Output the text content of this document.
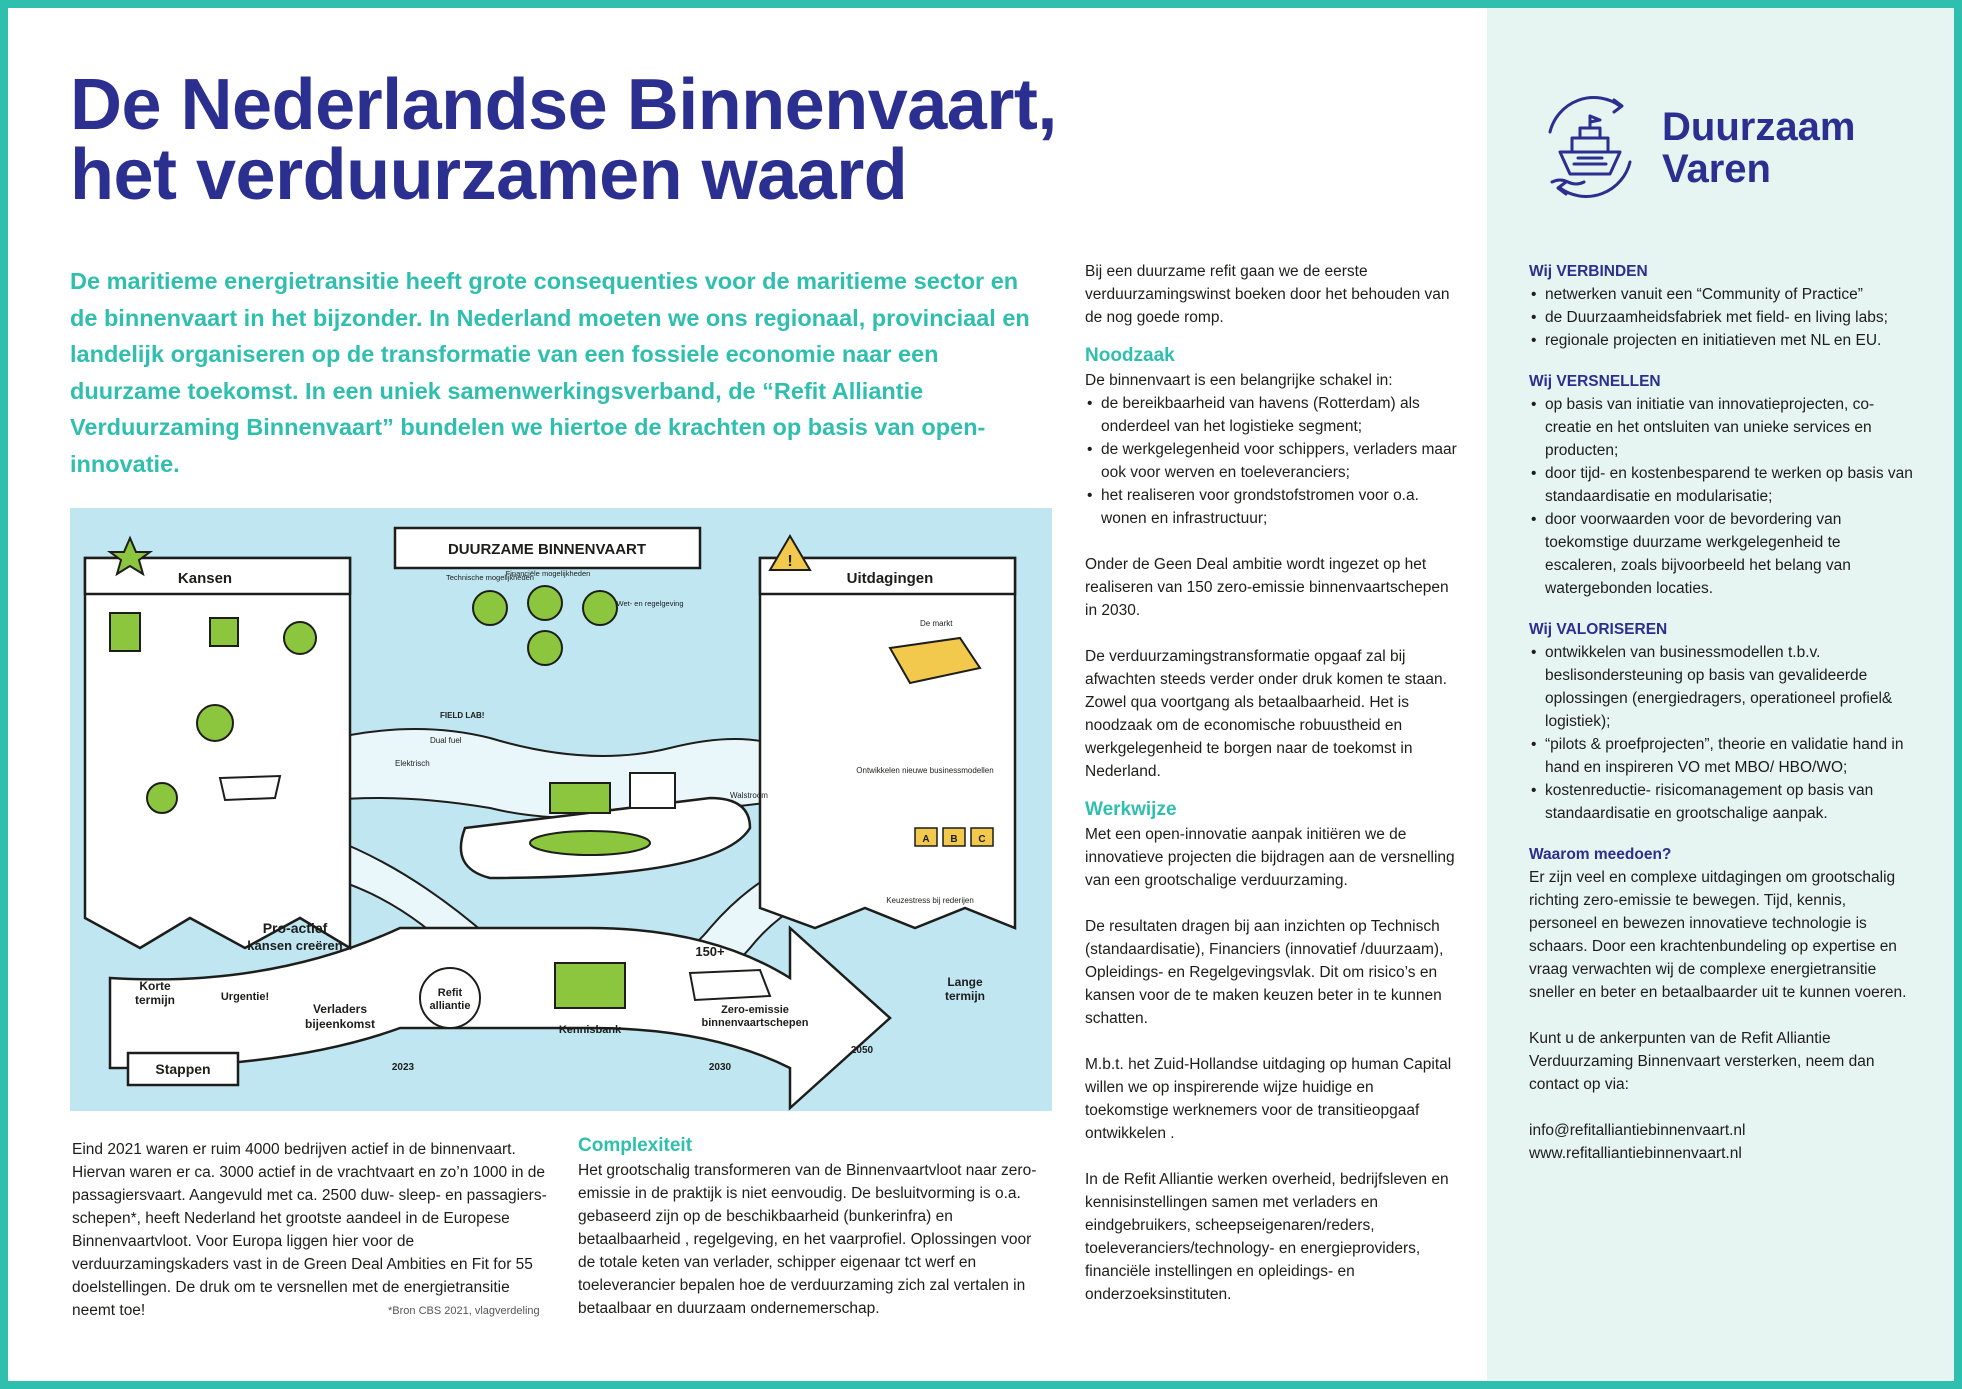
De Nederlandse Binnenvaart,
het verduurzamen waard
Duurzaam
Varen

De maritieme energietransitie heeft grote consequenties voor de maritieme sector en de binnenvaart in het bijzonder. In Nederland moeten we ons regionaal, provinciaal en landelijk organiseren op de transformatie van een fossiele economie naar een duurzame toekomst. In een uniek samenwerkingsverband, de “Refit Alliantie Verduurzaming Binnenvaart” bundelen we hiertoe de krachten op basis van open-innovatie.

Kansen	Uitdagingen
!
DUURZAME BINNENVAART
Technische mogelijkheden
Financiële mogelijkheden
Wet- en regelgeving
Walstroom
Elektrisch
Dual fuel
FIELD LAB!
De markt
A B C
Keuzestress bij rederijen
Ontwikkelen nieuwe businessmodellen
Pro-actief
kansen creëren
Verladers
bijeenkomst
Urgentie!	Refit
alliantie
Kennisbank
150+
Zero-emissie
binnenvaartschepen
Korte
termijn
Lange
termijn
Stappen	2023	2030
2050

Eind 2021 waren er ruim 4000 bedrijven actief in de binnenvaart. Hiervan waren er ca. 3000 actief in de vrachtvaart en zo’n 1000 in de passagiersvaart. Aangevuld met ca. 2500 duw- sleep- en passagiers-schepen*, heeft Nederland het grootste aandeel in de Europese Binnenvaartvloot. Voor Europa liggen hier voor de verduurzamingskaders vast in de Green Deal Ambities en Fit for 55 doelstellingen. De druk om te versnellen met de energietransitie neemt toe!	*Bron CBS 2021, vlagverdeling
Complexiteit

Het grootschalig transformeren van de Binnenvaartvloot naar zero-emissie in de praktijk is niet eenvoudig. De besluitvorming is o.a. gebaseerd zijn op de beschikbaarheid (bunkerinfra) en betaalbaarheid , regelgeving, en het vaarprofiel. Oplossingen voor de totale keten van verlader, schipper eigenaar tct werf en toeleverancier bepalen hoe de verduurzaming zich zal vertalen in betaalbaar en duurzaam ondernemerschap.

Bij een duurzame refit gaan we de eerste verduurzamingswinst boeken door het behouden van de nog goede romp.

Noodzaak

De binnenvaart is een belangrijke schakel in:

• de bereikbaarheid van havens (Rotterdam) als onderdeel van het logistieke segment;
• de werkgelegenheid voor schippers, verladers maar ook voor werven en toeleveranciers;
• het realiseren voor grondstofstromen voor o.a. wonen en infrastructuur;

Onder de Geen Deal ambitie wordt ingezet op het realiseren van 150 zero-emissie binnenvaartschepen in 2030.

De verduurzamingstransformatie opgaaf zal bij afwachten steeds verder onder druk komen te staan. Zowel qua voortgang als betaalbaarheid. Het is noodzaak om de economische robuustheid en werkgelegenheid te borgen naar de toekomst in Nederland.

Werkwijze

Met een open-innovatie aanpak initiëren we de innovatieve projecten die bijdragen aan de versnelling van een grootschalige verduurzaming.

De resultaten dragen bij aan inzichten op Technisch (standaardisatie), Financiers (innovatief /duurzaam), Opleidings- en Regelgevingsvlak. Dit om risico’s en kansen voor de te maken keuzen beter in te kunnen schatten.

M.b.t. het Zuid-Hollandse uitdaging op human Capital willen we op inspirerende wijze huidige en toekomstige werknemers voor de transitieopgaaf ontwikkelen .

In de Refit Alliantie werken overheid, bedrijfsleven en kennisinstellingen samen met verladers en eindgebruikers, scheepseigenaren/reders, toeleveranciers/technology- en energieproviders, financiële instellingen en opleidings- en onderzoeksinstituten.

Wij VERBINDEN
• netwerken vanuit een “Community of Practice”
• de Duurzaamheidsfabriek met field- en living labs;
• regionale projecten en initiatieven met NL en EU.
Wij VERSNELLEN
• op basis van initiatie van innovatieprojecten, co-creatie en het ontsluiten van unieke services en producten;
• door tijd- en kostenbesparend te werken op basis van standaardisatie en modularisatie;
• door voorwaarden voor de bevordering van toekomstige duurzame werkgelegenheid te escaleren, zoals bijvoorbeeld het belang van watergebonden locaties.
Wij VALORISEREN
• ontwikkelen van businessmodellen t.b.v. beslisondersteuning op basis van gevalideerde oplossingen (energiedragers, operationeel profiel& logistiek);
• “pilots & proefprojecten”, theorie en validatie hand in hand en inspireren VO met MBO/ HBO/WO;
• kostenreductie- risicomanagement op basis van standaardisatie en grootschalige aanpak.
Waarom meedoen?

Er zijn veel en complexe uitdagingen om grootschalig richting zero-emissie te bewegen. Tijd, kennis, personeel en bewezen innovatieve technologie is schaars. Door een krachtenbundeling op expertise en vraag verwachten wij de complexe energietransitie sneller en beter en betaalbaarder uit te kunnen voeren.

Kunt u de ankerpunten van de Refit Alliantie Verduurzaming Binnenvaart versterken, neem dan contact op via:

info@refitalliantiebinnenvaart.nl

www.refitalliantiebinnenvaart.nl
